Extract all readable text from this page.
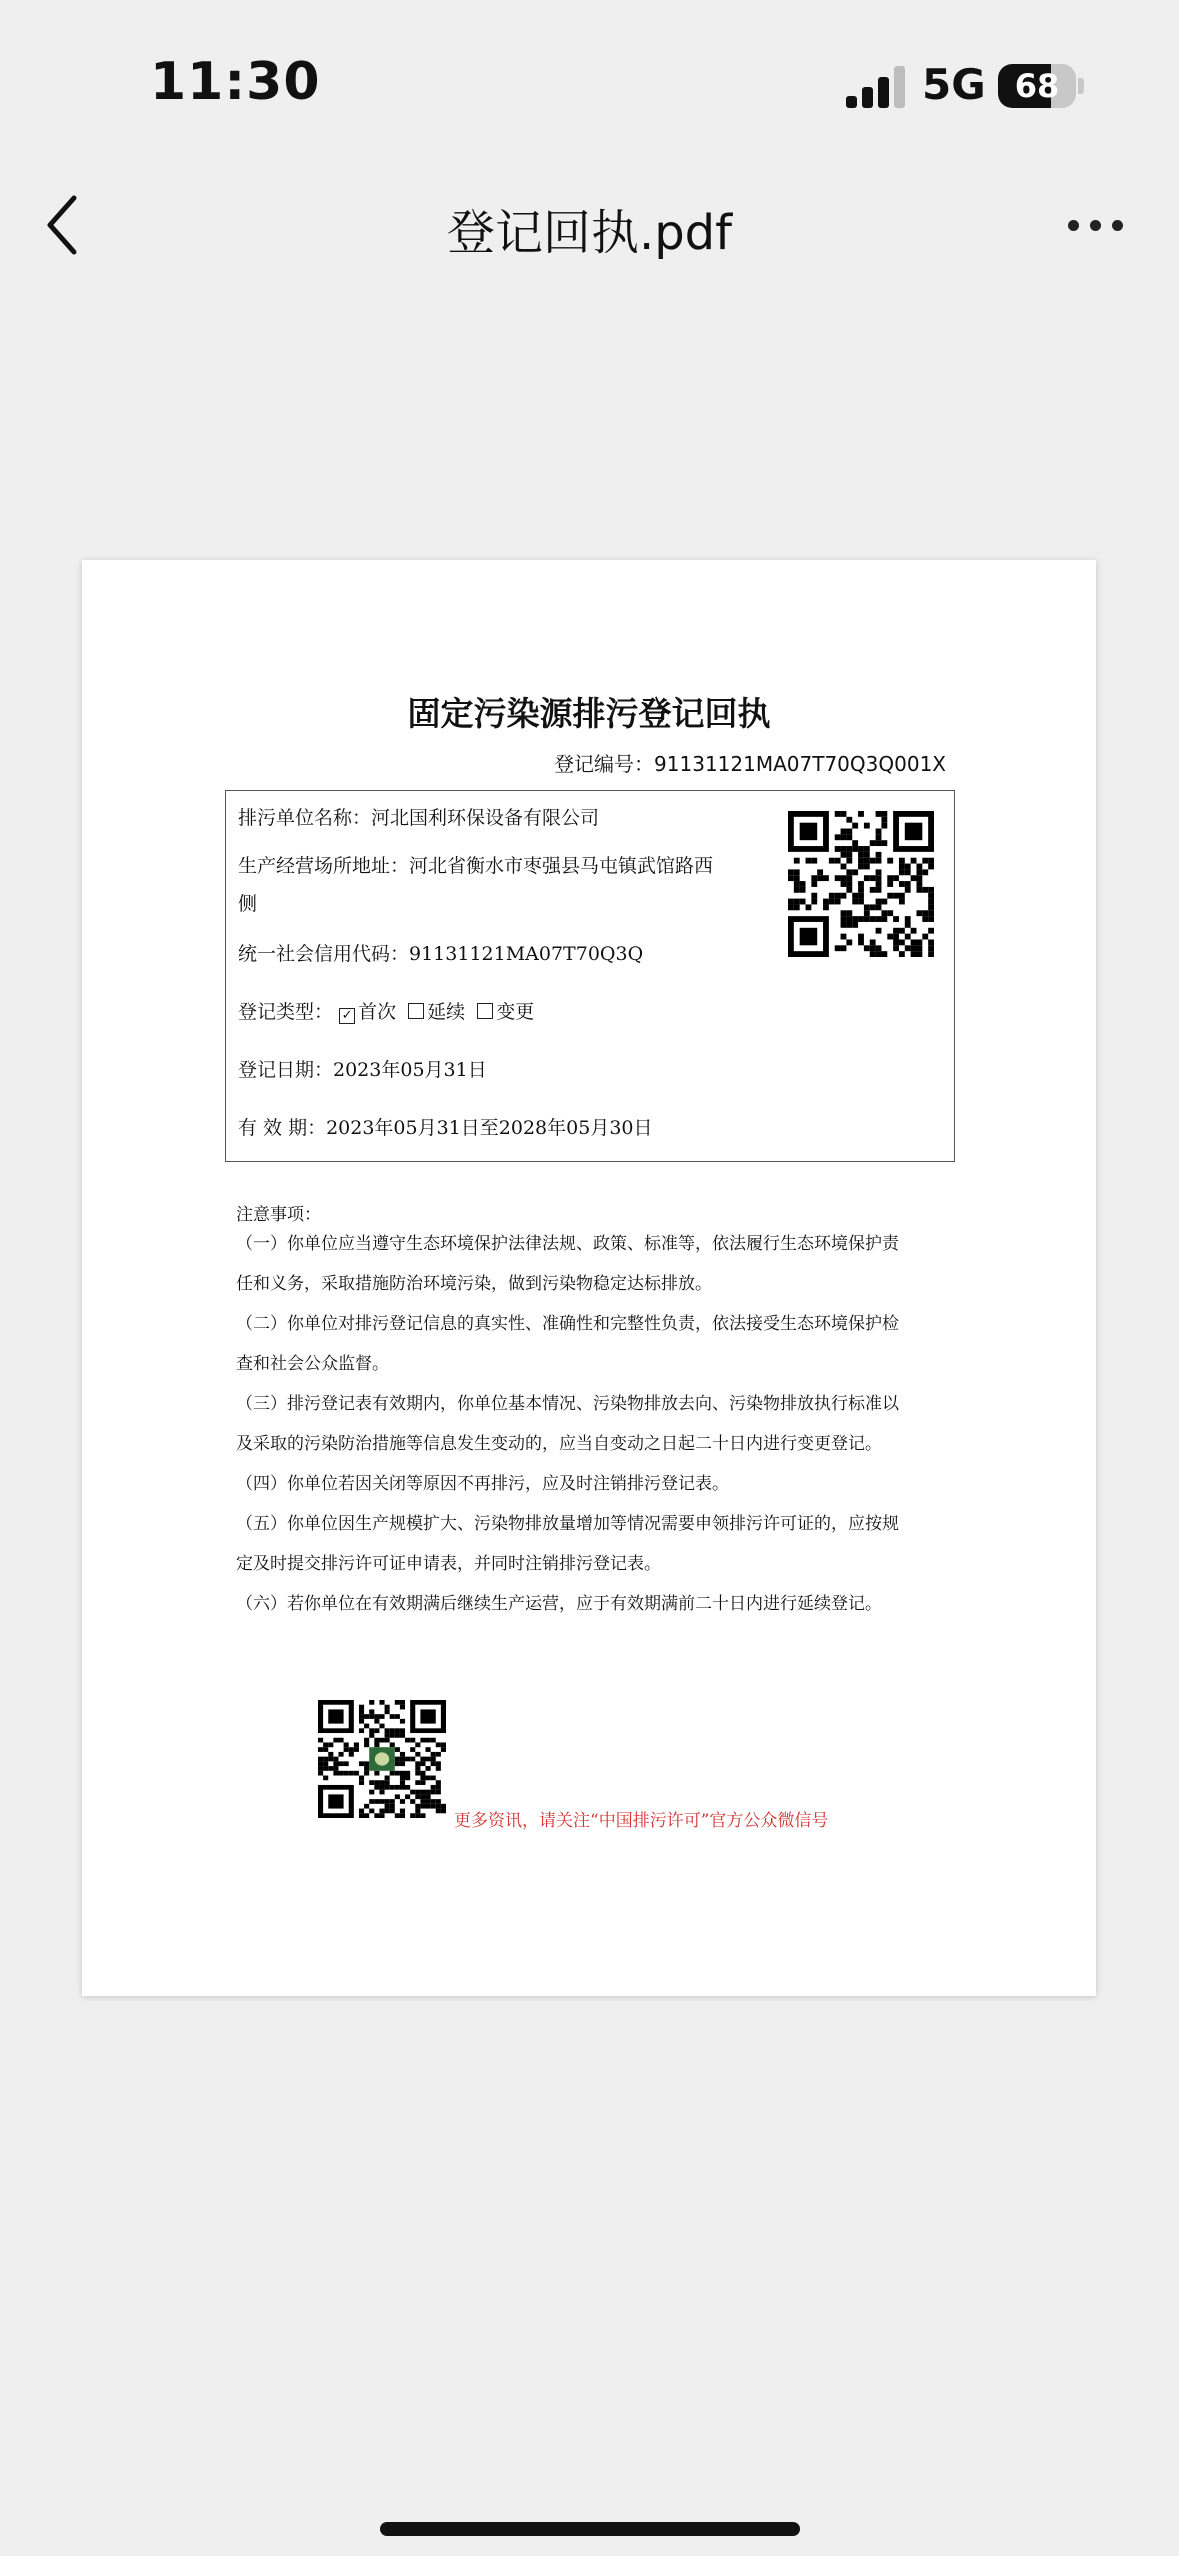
11:30	5G 68
登记回执.pdf
固定污染源排污登记回执
登记编号：91131121MA07T70Q3Q001X
排污单位名称：河北国利环保设备有限公司
生产经营场所地址：河北省衡水市枣强县马屯镇武馆路西
侧
统一社会信用代码：91131121MA07T70Q3Q
登记类型： ✓ 首次 延续 变更
登记日期：2023年05月31日
有 效 期：2023年05月31日至2028年05月30日
注意事项：
（一）你单位应当遵守生态环境保护法律法规、政策、标准等，依法履行生态环境保护责
任和义务，采取措施防治环境污染，做到污染物稳定达标排放。
（二）你单位对排污登记信息的真实性、准确性和完整性负责，依法接受生态环境保护检
查和社会公众监督。
（三）排污登记表有效期内，你单位基本情况、污染物排放去向、污染物排放执行标准以
及采取的污染防治措施等信息发生变动的，应当自变动之日起二十日内进行变更登记。
（四）你单位若因关闭等原因不再排污，应及时注销排污登记表。
（五）你单位因生产规模扩大、污染物排放量增加等情况需要申领排污许可证的，应按规
定及时提交排污许可证申请表，并同时注销排污登记表。
（六）若你单位在有效期满后继续生产运营，应于有效期满前二十日内进行延续登记。
更多资讯，请关注“中国排污许可”官方公众微信号
